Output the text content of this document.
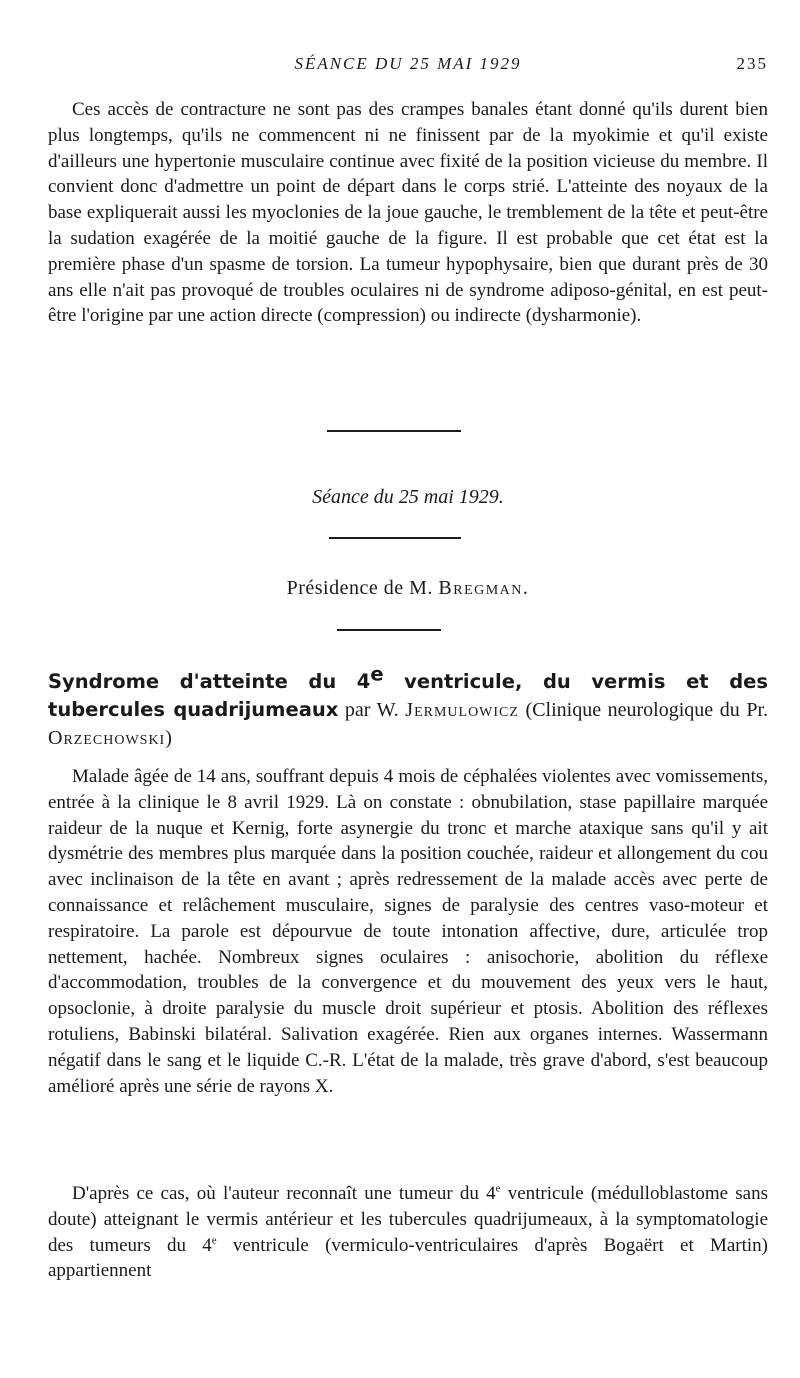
SÉANCE DU 25 MAI 1929	235

Ces accès de contracture ne sont pas des crampes banales étant donné qu'ils durent bien plus longtemps, qu'ils ne commencent ni ne finissent par de la myokimie et qu'il existe d'ailleurs une hypertonie musculaire continue avec fixité de la position vicieuse du membre. Il convient donc d'admettre un point de départ dans le corps strié. L'atteinte des noyaux de la base expliquerait aussi les myoclonies de la joue gauche, le tremblement de la tête et peut-être la sudation exagérée de la moitié gauche de la figure. Il est probable que cet état est la première phase d'un spasme de torsion. La tumeur hypophysaire, bien que durant près de 30 ans elle n'ait pas provoqué de troubles oculaires ni de syndrome adiposo-génital, en est peut-être l'origine par une action directe (compression) ou indirecte (dysharmonie).

Séance du 25 mai 1929.
Présidence de M. Bregman.
Syndrome d'atteinte du 4e ventricule, du vermis et des tubercules quadrijumeaux par W. Jermulowicz (Clinique neurologique du Pr. Orzechowski)

Malade âgée de 14 ans, souffrant depuis 4 mois de céphalées violentes avec vomissements, entrée à la clinique le 8 avril 1929. Là on constate : obnubilation, stase papillaire marquée raideur de la nuque et Kernig, forte asynergie du tronc et marche ataxique sans qu'il y ait dysmétrie des membres plus marquée dans la position couchée, raideur et allongement du cou avec inclinaison de la tête en avant ; après redressement de la malade accès avec perte de connaissance et relâchement musculaire, signes de paralysie des centres vaso-moteur et respiratoire. La parole est dépourvue de toute intonation affective, dure, articulée trop nettement, hachée. Nombreux signes oculaires : anisochorie, abolition du réflexe d'accommodation, troubles de la convergence et du mouvement des yeux vers le haut, opsoclonie, à droite paralysie du muscle droit supérieur et ptosis. Abolition des réflexes rotuliens, Babinski bilatéral. Salivation exagérée. Rien aux organes internes. Wassermann négatif dans le sang et le liquide C.-R. L'état de la malade, très grave d'abord, s'est beaucoup amélioré après une série de rayons X.

D'après ce cas, où l'auteur reconnaît une tumeur du 4e ventricule (médulloblastome sans doute) atteignant le vermis antérieur et les tubercules quadrijumeaux, à la symptomatologie des tumeurs du 4e ventricule (vermiculo-ventriculaires d'après Bogaërt et Martin) appartiennent
